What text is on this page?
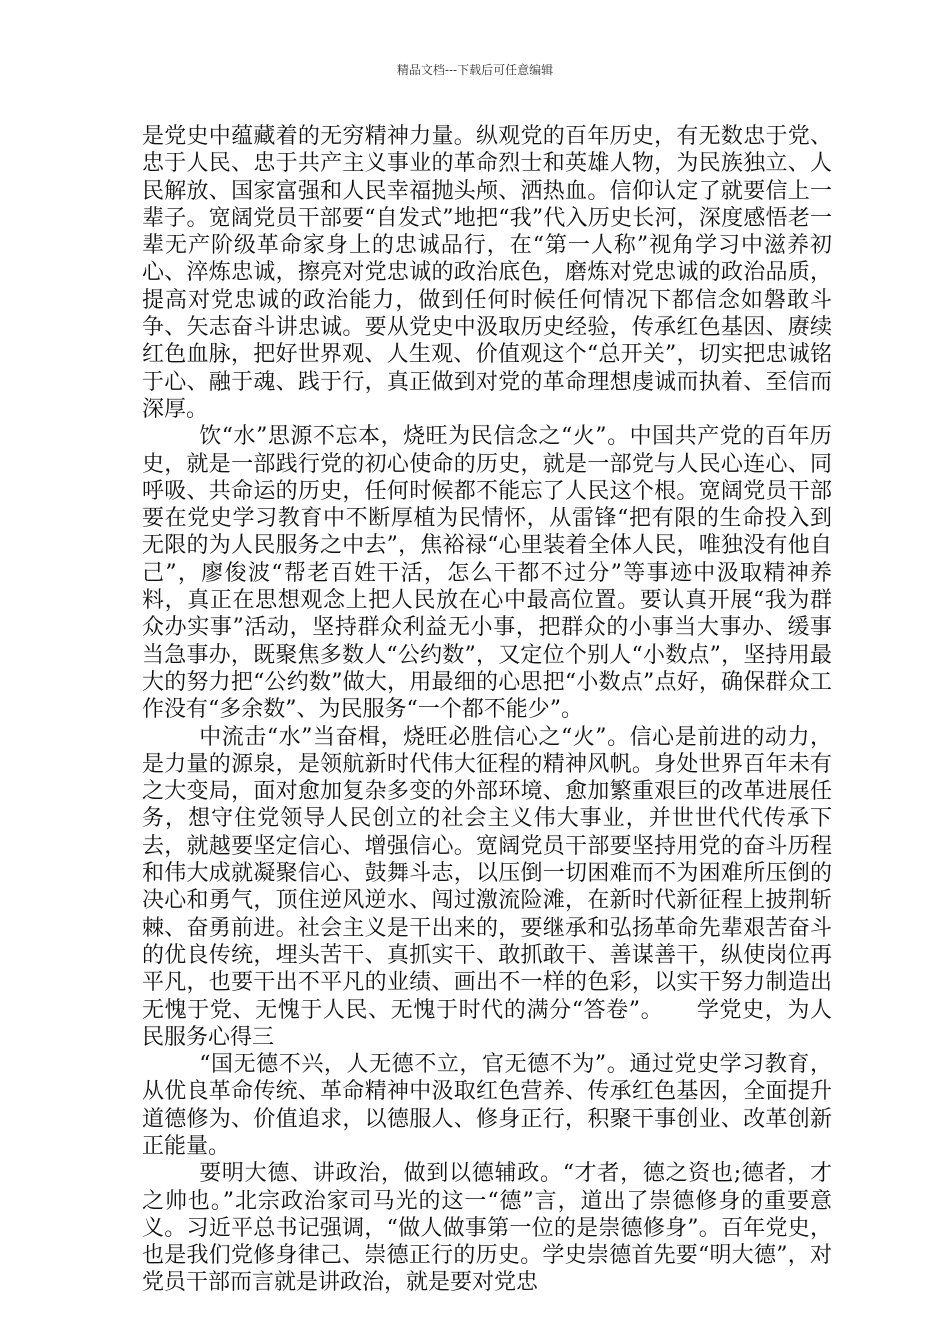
精品文档---下载后可任意编辑

是党史中蕴藏着的无穷精神力量。纵观党的百年历史，有无数忠于党、忠于人民、忠于共产主义事业的革命烈士和英雄人物，为民族独立、人民解放、国家富强和人民幸福抛头颅、洒热血。信仰认定了就要信上一辈子。宽阔党员干部要“自发式”地把“我”代入历史长河，深度感悟老一辈无产阶级革命家身上的忠诚品行，在“第一人称”视角学习中滋养初心、淬炼忠诚，擦亮对党忠诚的政治底色，磨炼对党忠诚的政治品质，提高对党忠诚的政治能力，做到任何时候任何情况下都信念如磐敢斗争、矢志奋斗讲忠诚。要从党史中汲取历史经验，传承红色基因、赓续红色血脉，把好世界观、人生观、价值观这个“总开关”，切实把忠诚铭于心、融于魂、践于行，真正做到对党的革命理想虔诚而执着、至信而深厚。

饮“水”思源不忘本，烧旺为民信念之“火”。中国共产党的百年历史，就是一部践行党的初心使命的历史，就是一部党与人民心连心、同呼吸、共命运的历史，任何时候都不能忘了人民这个根。宽阔党员干部要在党史学习教育中不断厚植为民情怀，从雷锋“把有限的生命投入到无限的为人民服务之中去”，焦裕禄“心里装着全体人民，唯独没有他自己”，廖俊波“帮老百姓干活，怎么干都不过分”等事迹中汲取精神养料，真正在思想观念上把人民放在心中最高位置。要认真开展“我为群众办实事”活动，坚持群众利益无小事，把群众的小事当大事办、缓事当急事办，既聚焦多数人“公约数”，又定位个别人“小数点”，坚持用最大的努力把“公约数”做大，用最细的心思把“小数点”点好，确保群众工作没有“多余数”、为民服务“一个都不能少”。

中流击“水”当奋楫，烧旺必胜信心之“火”。信心是前进的动力，是力量的源泉，是领航新时代伟大征程的精神风帆。身处世界百年未有之大变局，面对愈加复杂多变的外部环境、愈加繁重艰巨的改革进展任务，想守住党领导人民创立的社会主义伟大事业，并世世代代传承下去，就越要坚定信心、增强信心。宽阔党员干部要坚持用党的奋斗历程和伟大成就凝聚信心、鼓舞斗志，以压倒一切困难而不为困难所压倒的决心和勇气，顶住逆风逆水、闯过激流险滩，在新时代新征程上披荆斩棘、奋勇前进。社会主义是干出来的，要继承和弘扬革命先辈艰苦奋斗的优良传统，埋头苦干、真抓实干、敢抓敢干、善谋善干，纵使岗位再平凡，也要干出不平凡的业绩、画出不一样的色彩，以实干努力制造出无愧于党、无愧于人民、无愧于时代的满分“答卷”。 学党史，为人民服务心得三

“国无德不兴，人无德不立，官无德不为”。通过党史学习教育，从优良革命传统、革命精神中汲取红色营养、传承红色基因，全面提升道德修为、价值追求，以德服人、修身正行，积聚干事创业、改革创新正能量。

要明大德、讲政治，做到以德辅政。“才者，德之资也;德者，才之帅也。”北宗政治家司马光的这一“德”言，道出了崇德修身的重要意义。习近平总书记强调，“做人做事第一位的是崇德修身”。百年党史，也是我们党修身律己、崇德正行的历史。学史崇德首先要“明大德”，对党员干部而言就是讲政治，就是要对党忠
